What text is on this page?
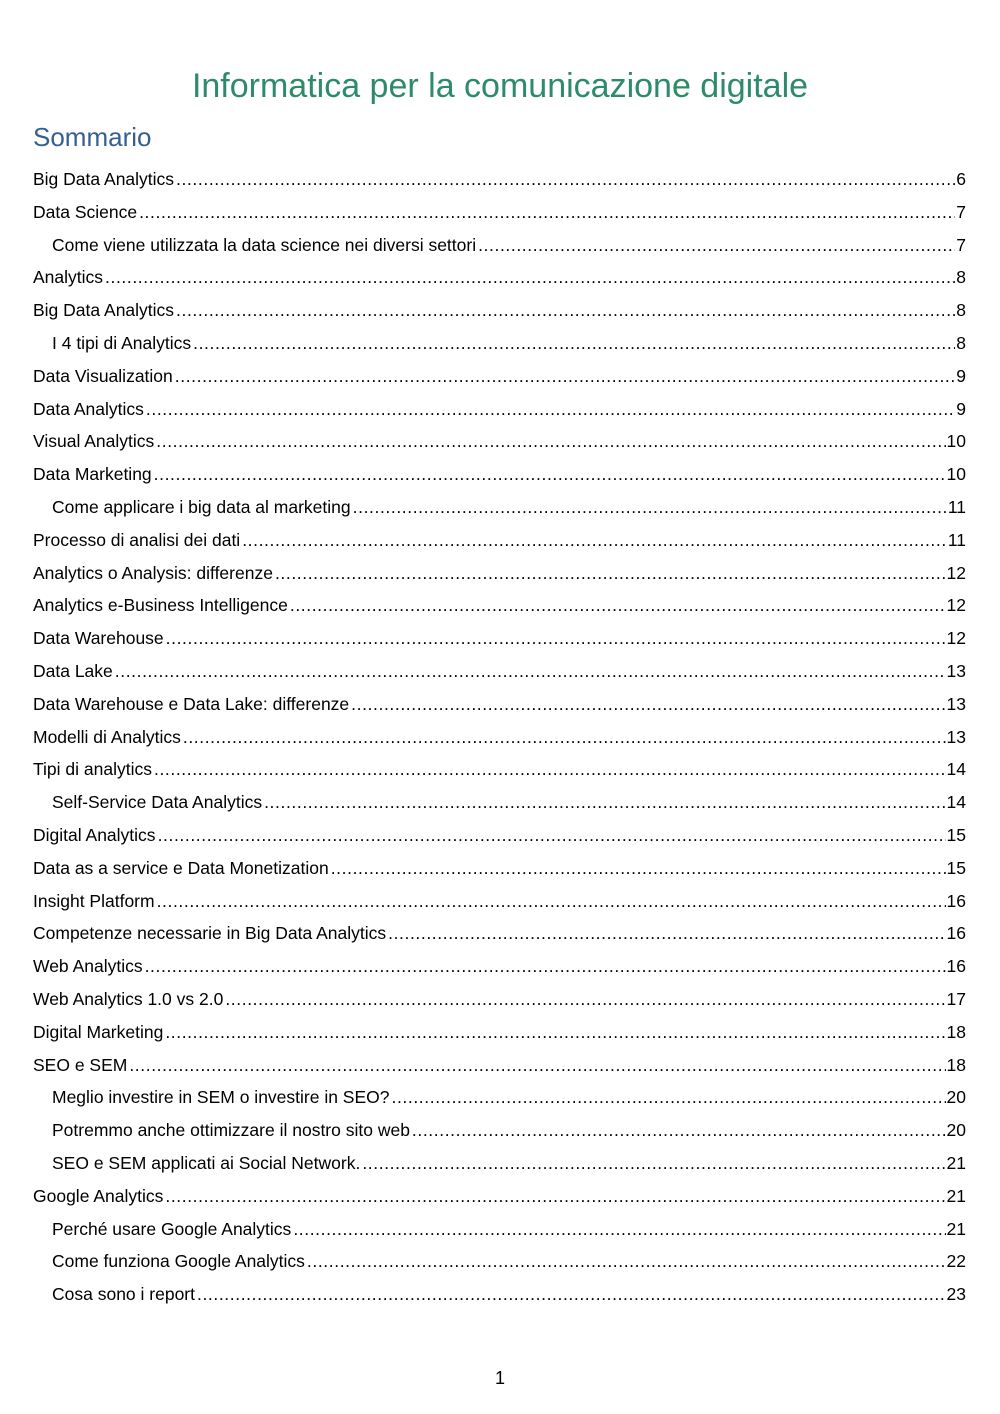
Informatica per la comunicazione digitale
Sommario
Big Data Analytics .....	6
Data Science .....	7
Come viene utilizzata la data science nei diversi settori .....	7
Analytics .....	8
Big Data Analytics .....	8
I 4 tipi di Analytics .....	8
Data Visualization .....	9
Data Analytics .....	9
Visual Analytics .....	10
Data Marketing .....	10
Come applicare i big data al marketing .....	11
Processo di analisi dei dati .....	11
Analytics o Analysis: differenze .....	12
Analytics e-Business Intelligence .....	12
Data Warehouse .....	12
Data Lake .....	13
Data Warehouse e Data Lake: differenze .....	13
Modelli di Analytics .....	13
Tipi di analytics .....	14
Self-Service Data Analytics .....	14
Digital Analytics .....	15
Data as a service e Data Monetization .....	15
Insight Platform .....	16
Competenze necessarie in Big Data Analytics .....	16
Web Analytics .....	16
Web Analytics 1.0 vs 2.0 .....	17
Digital Marketing .....	18
SEO e SEM .....	18
Meglio investire in SEM o investire in SEO? .....	20
Potremmo anche ottimizzare il nostro sito web .....	20
SEO e SEM applicati ai Social Network. .....	21
Google Analytics .....	21
Perché usare Google Analytics .....	21
Come funziona Google Analytics .....	22
Cosa sono i report .....	23
1
